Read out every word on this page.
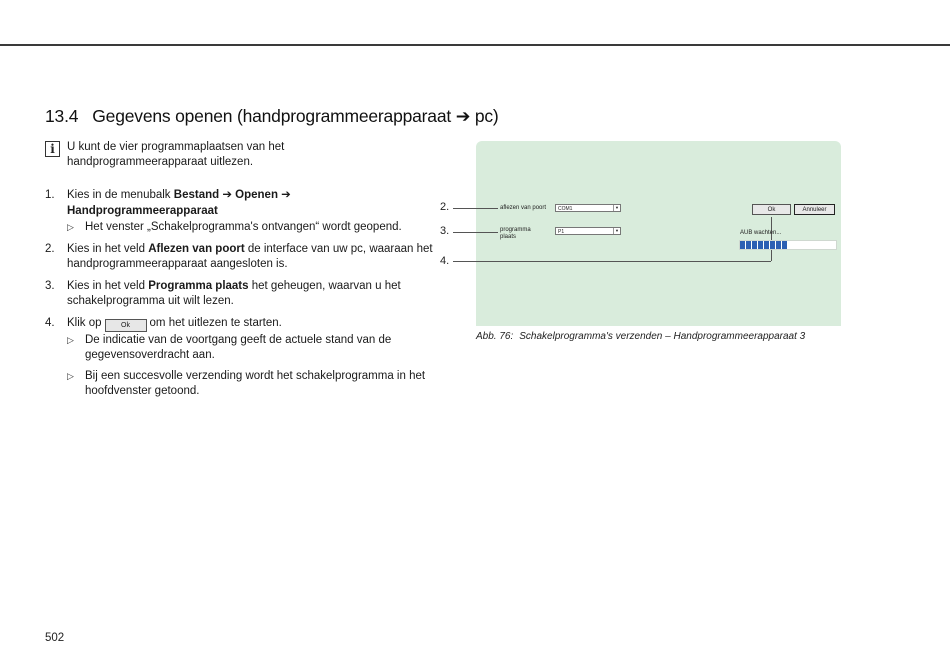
13.4 Gegevens openen (handprogrammeerapparaat ➔ pc)
i	U kunt de vier programmaplaatsen van het handprogrammeerapparaat uitlezen.
1. Kies in de menubalk Bestand ➔ Openen ➔ Handprogrammeerapparaat
▷ Het venster „Schakelprogramma's ontvangen“ wordt geopend.
2. Kies in het veld Aflezen van poort de interface van uw pc, waaraan het handprogrammeerapparaat aangesloten is.
3. Kies in het veld Programma plaats het geheugen, waarvan u het schakelprogramma uit wilt lezen.
4. Klik op	Ok om het uitlezen te starten.
▷ De indicatie van de voortgang geeft de actuele stand van de gegevensoverdracht aan.
▷ Bij een succesvolle verzending wordt het schakelprogramma in het hoofdvenster getoond.
2.
3.
4.
aflezen van poort	COM1	▼
programma plaats
P1	▼
Ok	Annuleer
AUB wachten...
Abb. 76: Schakelprogramma's verzenden – Handprogrammeerapparaat 3
502
